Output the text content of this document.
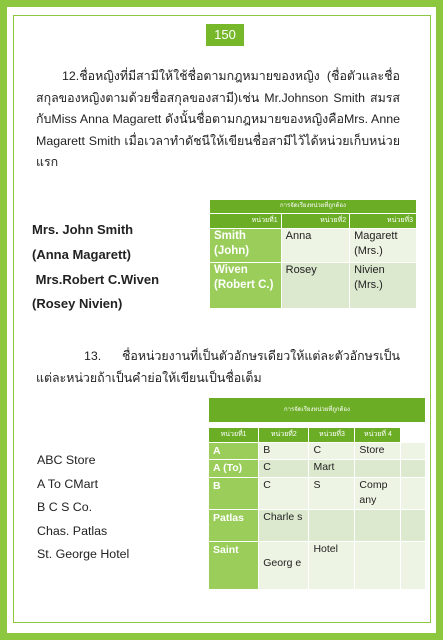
150
12.ชื่อหญิงที่มีสามีให้ใช้ชื่อตามกฎหมายของหญิง (ชื่อตัวและชื่อสกุลของหญิงตามด้วยชื่อสกุลของสามี)เช่น Mr.Johnson Smith สมรสกับMiss Anna Magarett ดังนั้นชื่อตามกฎหมายของหญิงคือMrs. Anne Magarett Smith เมื่อเวลาทำดัชนีให้เขียนชื่อสามีไว้ได้หน่วยเก็บหน่วยแรก
Mrs. John Smith
(Anna Magarett)
Mrs.Robert C.Wiven
(Rosey Nivien)
การจัดเรียงหน่วยที่ถูกต้อง		
หน่วยที่1	หน่วยที่2	หน่วยที่3
Smith (John)	Anna	Magarett (Mrs.)
Wiven (Robert C.)	Rosey	Nivien (Mrs.)
13. ชื่อหน่วยงานที่เป็นตัวอักษรเดียวให้แต่ละตัวอักษรเป็นแต่ละหน่วยถ้าเป็นคำย่อให้เขียนเป็นชื่อเต็ม
ABC Store
A To CMart
B C S Co.
Chas. Patlas
St. George Hotel
การจัดเรียงหน่วยที่ถูกต้อง				

หน่วยที่1	หน่วยที่2	หน่วยที่3	หน่วยที่ 4	
A	B	C	Store	
A (To)	C	Mart		
B	C	S	Comp any	
Patlas	Charle s			
Saint	Georg e	Hotel		
